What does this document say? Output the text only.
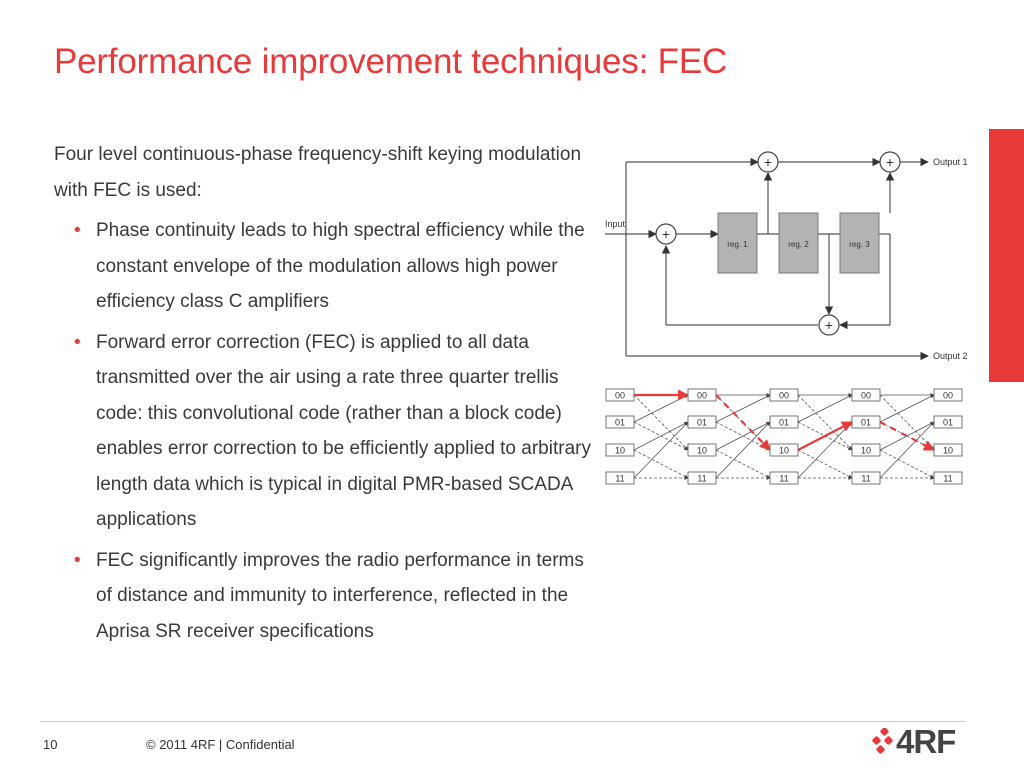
Performance improvement techniques: FEC

Four level continuous-phase frequency-shift keying modulation with FEC is used:

• Phase continuity leads to high spectral efficiency while the constant envelope of the modulation allows high power efficiency class C amplifiers
• Forward error correction (FEC) is applied to all data transmitted over the air using a rate three quarter trellis code: this convolutional code (rather than a block code) enables error correction to be efficiently applied to arbitrary length data which is typical in digital PMR-based SCADA applications
• FEC significantly improves the radio performance in terms of distance and immunity to interference, reflected in the Aprisa SR receiver specifications
reg. 1	reg. 2	reg. 3
+
+	+
+
Input
Output 1
Output 2
00
01
10
11
00
01
10
11
00
01
10
11
00
01
10
11
00
01
10
11
10	© 2011 4RF | Confidential	4RF
